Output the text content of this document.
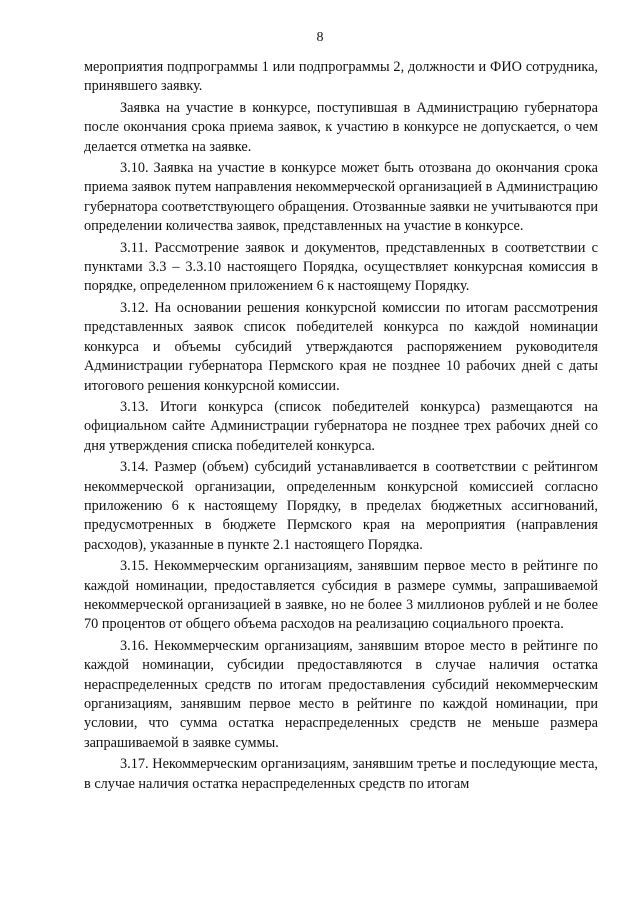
8

мероприятия подпрограммы 1 или подпрограммы 2, должности и ФИО сотрудника, принявшего заявку.

Заявка на участие в конкурсе, поступившая в Администрацию губернатора после окончания срока приема заявок, к участию в конкурсе не допускается, о чем делается отметка на заявке.

3.10. Заявка на участие в конкурсе может быть отозвана до окончания срока приема заявок путем направления некоммерческой организацией в Администрацию губернатора соответствующего обращения. Отозванные заявки не учитываются при определении количества заявок, представленных на участие в конкурсе.

3.11. Рассмотрение заявок и документов, представленных в соответствии с пунктами 3.3 – 3.3.10 настоящего Порядка, осуществляет конкурсная комиссия в порядке, определенном приложением 6 к настоящему Порядку.

3.12. На основании решения конкурсной комиссии по итогам рассмотрения представленных заявок список победителей конкурса по каждой номинации конкурса и объемы субсидий утверждаются распоряжением руководителя Администрации губернатора Пермского края не позднее 10 рабочих дней с даты итогового решения конкурсной комиссии.

3.13. Итоги конкурса (список победителей конкурса) размещаются на официальном сайте Администрации губернатора не позднее трех рабочих дней со дня утверждения списка победителей конкурса.

3.14. Размер (объем) субсидий устанавливается в соответствии с рейтингом некоммерческой организации, определенным конкурсной комиссией согласно приложению 6 к настоящему Порядку, в пределах бюджетных ассигнований, предусмотренных в бюджете Пермского края на мероприятия (направления расходов), указанные в пункте 2.1 настоящего Порядка.

3.15. Некоммерческим организациям, занявшим первое место в рейтинге по каждой номинации, предоставляется субсидия в размере суммы, запрашиваемой некоммерческой организацией в заявке, но не более 3 миллионов рублей и не более 70 процентов от общего объема расходов на реализацию социального проекта.

3.16. Некоммерческим организациям, занявшим второе место в рейтинге по каждой номинации, субсидии предоставляются в случае наличия остатка нераспределенных средств по итогам предоставления субсидий некоммерческим организациям, занявшим первое место в рейтинге по каждой номинации, при условии, что сумма остатка нераспределенных средств не меньше размера запрашиваемой в заявке суммы.

3.17. Некоммерческим организациям, занявшим третье и последующие места, в случае наличия остатка нераспределенных средств по итогам
